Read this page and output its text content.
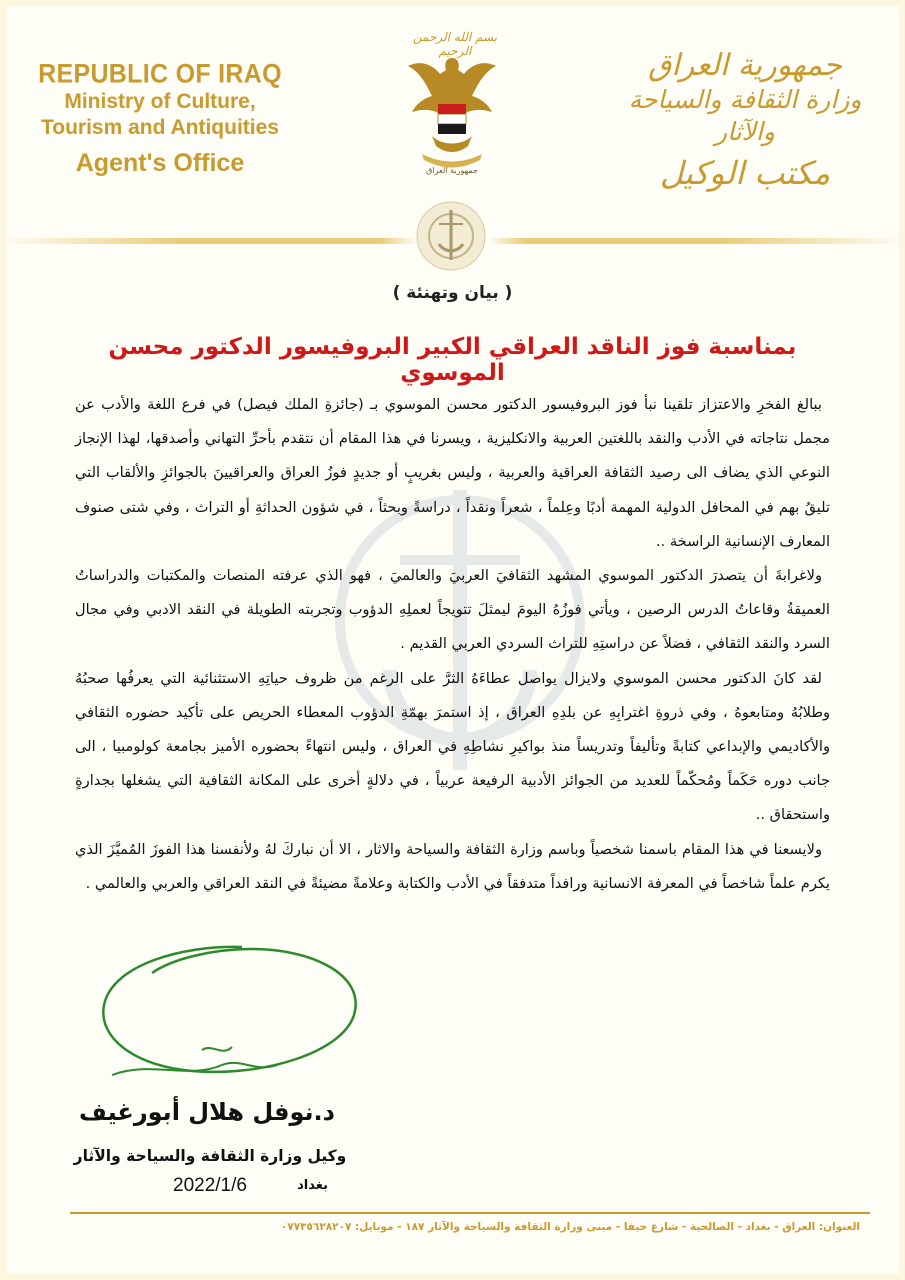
REPUBLIC OF IRAQ
Ministry of Culture,
Tourism and Antiquities
Agent's Office
جمهورية العراق
وزارة الثقافة والسياحة والآثار
مكتب الوكيل
بسم الله الرحمن الرحيم
جمهورية العراق
( بيان وتهنئة )
بمناسبة فوز الناقد العراقي الكبير البروفيسور الدكتور محسن الموسوي

ببالغ الفخرِ والاعتزاز تلقينا نبأ فوز البروفيسور الدكتور محسن الموسوي بـ (جائزةِ الملك فيصل) في فرع اللغة والأدب عن مجمل نتاجاته في الأدب والنقد باللغتين العربية والانكليزية ، ويسرنا في هذا المقام أن نتقدم بأحرِّ التهاني وأصدقها، لهذا الإنجاز النوعي الذي يضاف الى رصيد الثقافة العراقية والعربية ، وليس بغريبٍ أو جديدٍ فوزُ العراق والعراقيينَ بالجوائزِ والألقاب التي تليقُ بهم في المحافل الدولية المهمة أدبًا وعِلماً ، شعراً ونقداً ، دراسةً وبحثاً ، في شؤون الحداثةِ أو التراث ، وفي شتى صنوف المعارف الإنسانية الراسخة ..

ولاغرابةَ أن يتصدرَ الدكتور الموسوي المشهد الثقافيَ العربيَ والعالميَ ، فهو الذي عرفته المنصات والمكتبات والدراساتُ العميقةُ وقاعاتُ الدرس الرصين ، ويأتي فوزُهُ اليومَ ليمثلَ تتويجاً لعملِهِ الدؤوب وتجربته الطويلة في النقد الادبي وفي مجال السرد والنقد الثقافي ، فضلاً عن دراستِهِ للتراث السردي العربي القديم .

لقد كانَ الدكتور محسن الموسوي ولايزال يواصل عطاءَهُ الثرَّ على الرغم من ظروف حياتِهِ الاستثنائية التي يعرفُها صحبُهُ وطلابُهُ ومتابعوهُ ، وفي ذروةِ اغترابِهِ عن بلدِهِ العراق ، إذ استمرَ بهمّةِ الدؤوب المعطاء الحريص على تأكيد حضوره الثقافي والأكاديمي والإبداعي كتابةً وتأليفاً وتدريساً منذ بواكيرِ نشاطِهِ في العراق ، وليس انتهاءً بحضوره الأميز بجامعة كولومبيا ، الى جانب دوره حَكَماً ومُحكّماً للعديد من الجوائز الأدبية الرفيعة عربياً ، في دلالةٍ أخرى على المكانة الثقافية التي يشغلها بجدارةٍ واستحقاق ..

ولايسعنا في هذا المقام باسمنا شخصياً وباسم وزارة الثقافة والسياحة والاثار ، الا أن نباركَ لهُ ولأنفسنا هذا الفوزَ المُميَّزَ الذي يكرم علماً شاخصاً في المعرفة الانسانية ورافداً متدفقاً في الأدب والكتابة وعلامةً مضيئةً في النقد العراقي والعربي والعالمي .

د.نوفل هلال أبورغيف
وكيل وزارة الثقافة والسياحة والآثار
بغداد
2022/1/6
العنوان: العراق - بغداد - الصالحية - شارع حيفا - مبنى وزارة الثقافة والسياحة والآثار ١٨٧ - موبايل: ٠٧٧٣٥٦٢٨٢٠٧
